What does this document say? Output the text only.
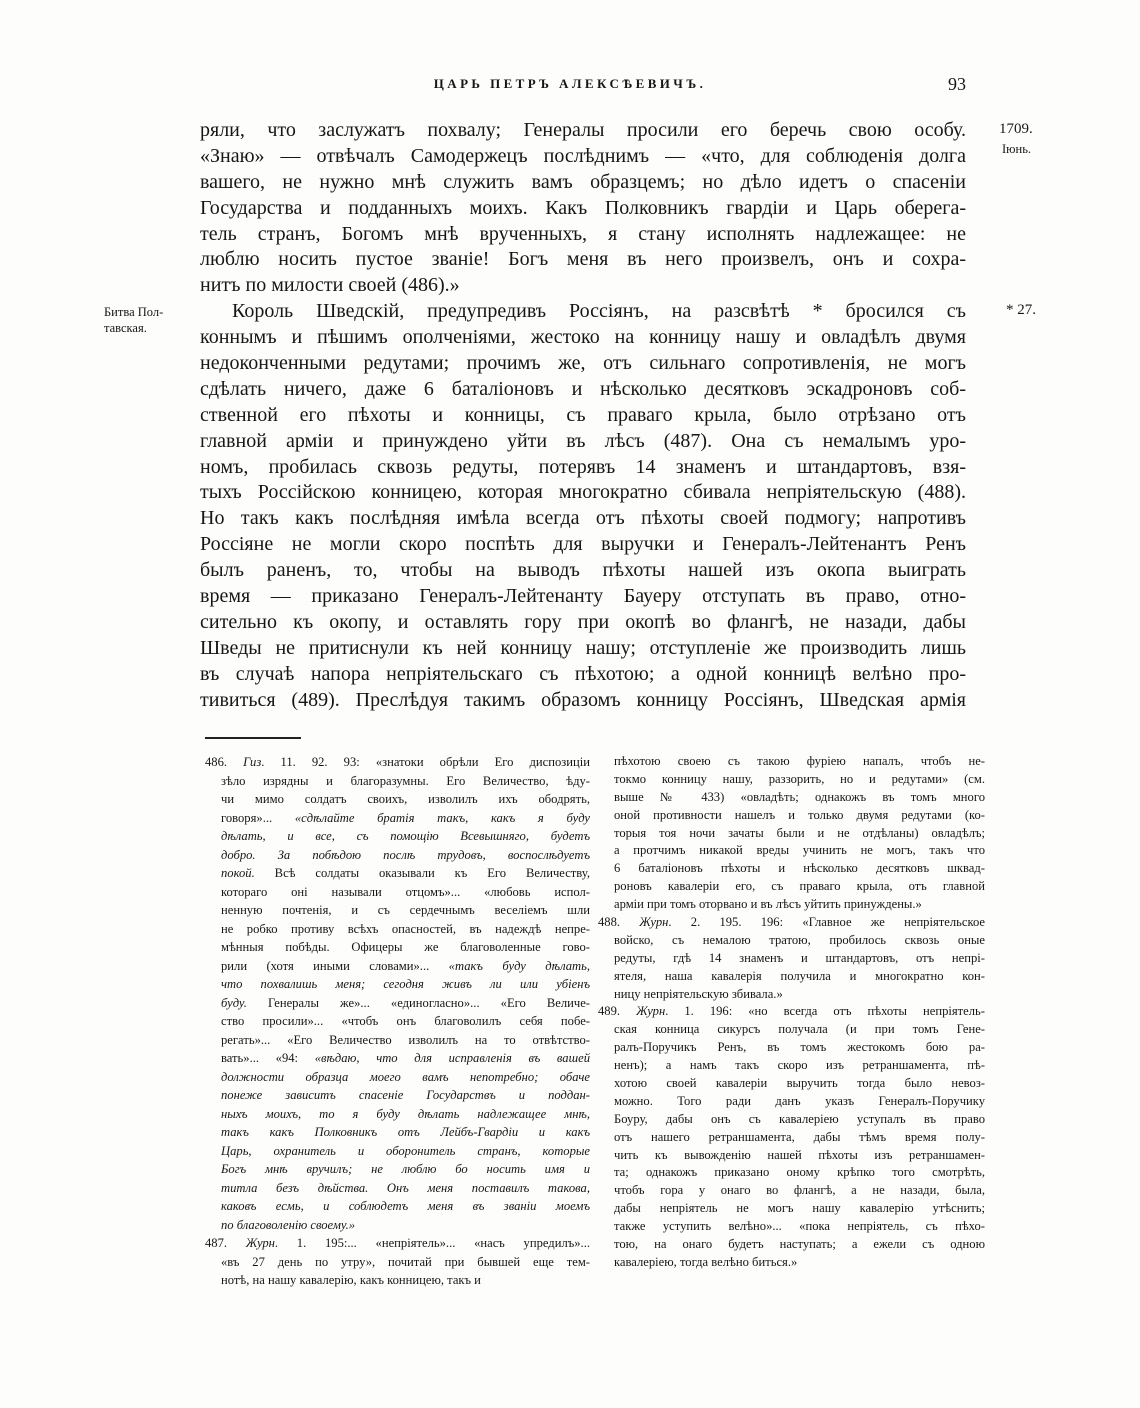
ЦАРЬ ПЕТРЪ АЛЕКСѢЕВИЧЪ.	93
1709.
Іюнь.
Битва Пол-
тавская.
* 27.
ряли, что заслужатъ похвалу; Генералы просили его беречь свою особу.
«Знаю» — отвѣчалъ Самодержецъ послѣднимъ — «что, для соблюденія долга
вашего, не нужно мнѣ служить вамъ образцемъ; но дѣло идетъ о спасеніи
Государства и подданныхъ моихъ. Какъ Полковникъ гвардіи и Царь оберега-
тель странъ, Богомъ мнѣ врученныхъ, я стану исполнять надлежащее: не
люблю носить пустое званіе! Богъ меня въ него произвелъ, онъ и сохра-
нитъ по милости своей (486).»
Король Шведскій, предупредивъ Россіянъ, на разсвѣтѣ * бросился съ
коннымъ и пѣшимъ ополченіями, жестоко на конницу нашу и овладѣлъ двумя
недоконченными редутами; прочимъ же, отъ сильнаго сопротивленія, не могъ
сдѣлать ничего, даже 6 баталіоновъ и нѣсколько десятковъ эскадроновъ соб-
ственной его пѣхоты и конницы, съ праваго крыла, было отрѣзано отъ
главной арміи и принуждено уйти въ лѣсъ (487). Она съ немалымъ уро-
номъ, пробилась сквозь редуты, потерявъ 14 знаменъ и штандартовъ, взя-
тыхъ Россійскою конницею, которая многократно сбивала непріятельскую (488).
Но такъ какъ послѣдняя имѣла всегда отъ пѣхоты своей подмогу; напротивъ
Россіяне не могли скоро поспѣть для выручки и Генералъ-Лейтенантъ Ренъ
былъ раненъ, то, чтобы на выводъ пѣхоты нашей изъ окопа выиграть
время — приказано Генералъ-Лейтенанту Бауеру отступать въ право, отно-
сительно къ окопу, и оставлять гору при окопѣ во флангѣ, не назади, дабы
Шведы не притиснули къ ней конницу нашу; отступленіе же производить лишь
въ случаѣ напора непріятельскаго съ пѣхотою; а одной конницѣ велѣно про-
тивиться (489). Преслѣдуя такимъ образомъ конницу Россіянъ, Шведская армія
486. Гиз. 11. 92. 93: «знатоки обрѣли Его диспозиціи
зѣло изрядны и благоразумны. Его Величество, ѣду-
чи мимо солдатъ своихъ, изволилъ ихъ ободрять,
говоря»... «сдѣлайте братія такъ, какъ я буду
дѣлать, и все, съ помощію Всевышняго, будетъ
добро. За побѣдою послѣ трудовъ, воспослѣдуетъ
покой. Всѣ солдаты оказывали къ Его Величеству,
котораго оні называли отцомъ»... «любовь испол-
ненную почтенія, и съ сердечнымъ веселіемъ шли
не робко противу всѣхъ опасностей, въ надеждѣ непре-
мѣнныя побѣды. Офицеры же благоволенные гово-
рили (хотя иными словами»... «такъ буду дѣлать,
что похвалишь меня; сегодня живъ ли или убіенъ
буду. Генералы же»... «единогласно»... «Его Величе-
ство просили»... «чтобъ онъ благоволилъ себя побе-
регать»... «Его Величество изволилъ на то отвѣтство-
вать»... «94: «вѣдаю, что для исправленія въ вашей
должности образца моего вамъ непотребно; обаче
понеже зависитъ спасеніе Государствъ и поддан-
ныхъ моихъ, то я буду дѣлать надлежащее мнѣ,
такъ какъ Полковникъ отъ Лейбъ-Гвардіи и какъ
Царь, охранитель и оборонитель странъ, которые
Богъ мнѣ вручилъ; не люблю бо носить имя и
титла безъ дѣйства. Онъ меня поставилъ такова,
каковъ есмь, и соблюдетъ меня въ званіи моемъ
по благоволенію своему.»
487. Журн. 1. 195:... «непріятель»... «насъ упредилъ»...
«въ 27 день по утру», почитай при бывшей еще тем-
нотѣ, на нашу кавалерію, какъ конницею, такъ и
пѣхотою своею съ такою фуріею напалъ, чтобъ не-
токмо конницу нашу, раззорить, но и редутами» (см.
выше № 433) «овладѣть; однакожъ въ томъ много
оной противности нашелъ и только двумя редутами (ко-
торыя тоя ночи зачаты были и не отдѣланы) овладѣлъ;
а протчимъ никакой вреды учинить не могъ, такъ что
6 баталіоновъ пѣхоты и нѣсколько десятковъ шквад-
роновъ кавалеріи его, съ праваго крыла, отъ главной
арміи при томъ оторвано и въ лѣсъ уйтить принуждены.»
488. Журн. 2. 195. 196: «Главное же непріятельское
войско, съ немалою тратою, пробилось сквозь оные
редуты, гдѣ 14 знаменъ и штандартовъ, отъ непрі-
ятеля, наша кавалерія получила и многократно кон-
ницу непріятельскую збивала.»
489. Журн. 1. 196: «но всегда отъ пѣхоты непріятель-
ская конница сикурсъ получала (и при томъ Гене-
ралъ-Поручикъ Ренъ, въ томъ жестокомъ бою ра-
ненъ); а намъ такъ скоро изъ ретраншамента, пѣ-
хотою своей кавалеріи выручить тогда было невоз-
можно. Того ради данъ указъ Генералъ-Поручику
Боуру, дабы онъ съ кавалеріею уступалъ въ право
отъ нашего ретраншамента, дабы тѣмъ время полу-
чить къ вывожденію нашей пѣхоты изъ ретраншамен-
та; однакожъ приказано оному крѣпко того смотрѣть,
чтобъ гора у онаго во флангѣ, а не назади, была,
дабы непріятель не могъ нашу кавалерію утѣснить;
также уступить велѣно»... «пока непріятель, съ пѣхо-
тою, на онаго будетъ наступать; а ежели съ одною
кавалеріею, тогда велѣно биться.»
